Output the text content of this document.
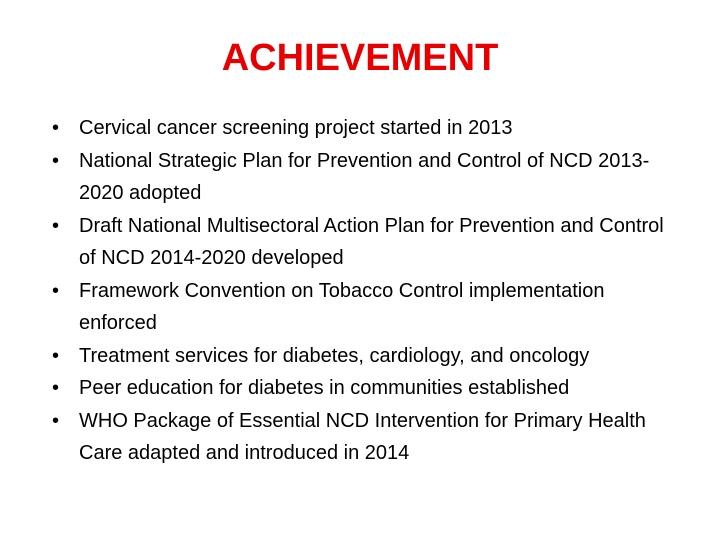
ACHIEVEMENT
• Cervical cancer screening project started in 2013
• National Strategic Plan for Prevention and Control of NCD 2013-2020 adopted
• Draft National Multisectoral Action Plan for Prevention and Control of NCD 2014-2020 developed
• Framework Convention on Tobacco Control implementation enforced
• Treatment services for diabetes, cardiology, and oncology
• Peer education for diabetes in communities established
• WHO Package of Essential NCD Intervention for Primary Health Care adapted and introduced in 2014
